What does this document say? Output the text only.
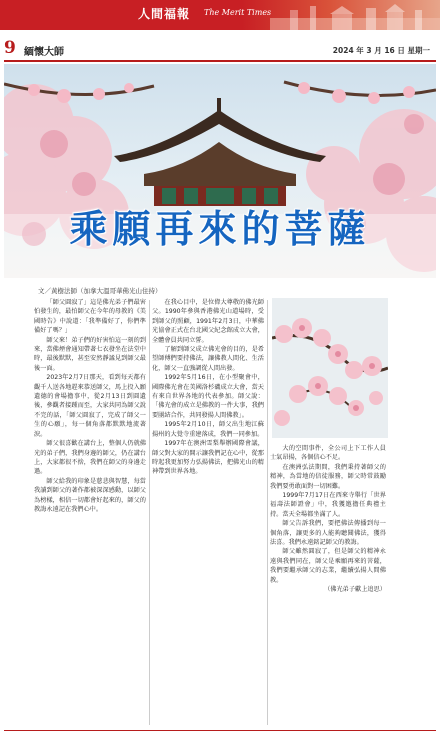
人間福報 The Merit Times
9 緬懷大師	2024 年 3 月 16 日 星期一
乘願再來的菩薩
文／黃樹法師（加拿大溫哥華佛光山住持）

「師父圓寂了」這是佛光弟子們最害怕發生的，最怕師父在今年的母教的《美國時告》中說道：「我準備好了，你們準備好了嗎？」

師父來！弟子們的好害怕這一刻的到來，當佛煙會通知帶著七衣發坐在法堂中時，最後默默，甚至安然靜謐見到師父最後一面。

2023年2月7日那天，看到每天都有觀千人送各地趕來恭送師父，馬上投入願遺德的會場擔事中，從2月13日到圓遺後，參觀者接踵而至，大家共同為師父說不完的話，「師父圓寂了，完成了師父一生的心願」，每一個角落都默默地流著淚。

師父很喜歡在講台上，整個人仍就佛光的弟子們，我們身邊的師父，仍在講台上，大家都很不捨，我們在師父的身邊走過。

師父給我的印象是慈悲與智慧，每當我讀到師父的著作都被深深感動，以師父為榜樣，相信一切都會好起來的，師父的教誨永遠記在我們心中。

在我心目中，是位偉大尊敬的佛光師父。1990年參與香港佛光山道場時，受到師父的照顧，1991年2月3日，中華佛光協會正式在台北國父紀念館成立大會，全體會員共同立誓。

了解到師父成立佛光會的目的，是希望師傅們要持佛法，讓佛教人間化、生活化，師父一直強調從人間出發。

1992年5月16日，在小型聚會中，國際佛光會在美國洛杉磯成立大會，當天有來自世界各地的代表參加。師父說：「佛光會的成立是佛教的一件大事，我們要團結合作，共同發揚人間佛教」。

1995年2月10日，師父出生地江蘇揚州的大覺寺重建落成，我們一同參加。

1997年在澳洲雪梨舉辦國際會議，師父對大家的開示讓我們記在心中，從那時起我更加努力弘揚佛法，把佛光山的精神帶到世界各地。

大的空間事件，全公司上下工作人員士氣昂揚，各個信心不足。

在澳洲弘法期間，我們秉持著師父的精神，為當地的信徒服務，師父時常鼓勵我們要勇敢面對一切困難。

1999年7月17日在西來寺舉行「世界福壽法師證會」中，我獲邀擔任典禮主持。當天全場都坐滿了人。

師父告訴我們，要把佛法傳播到每一個角落，讓更多的人能夠聽聞佛法，獲得法喜。我們永遠銘記師父的教誨。

師父雖然圓寂了，但是師父的精神永遠與我們同在，師父是乘願再來的菩薩，我們要繼承師父的志業，繼續弘揚人間佛教。

（佛光弟子獻上追思）
